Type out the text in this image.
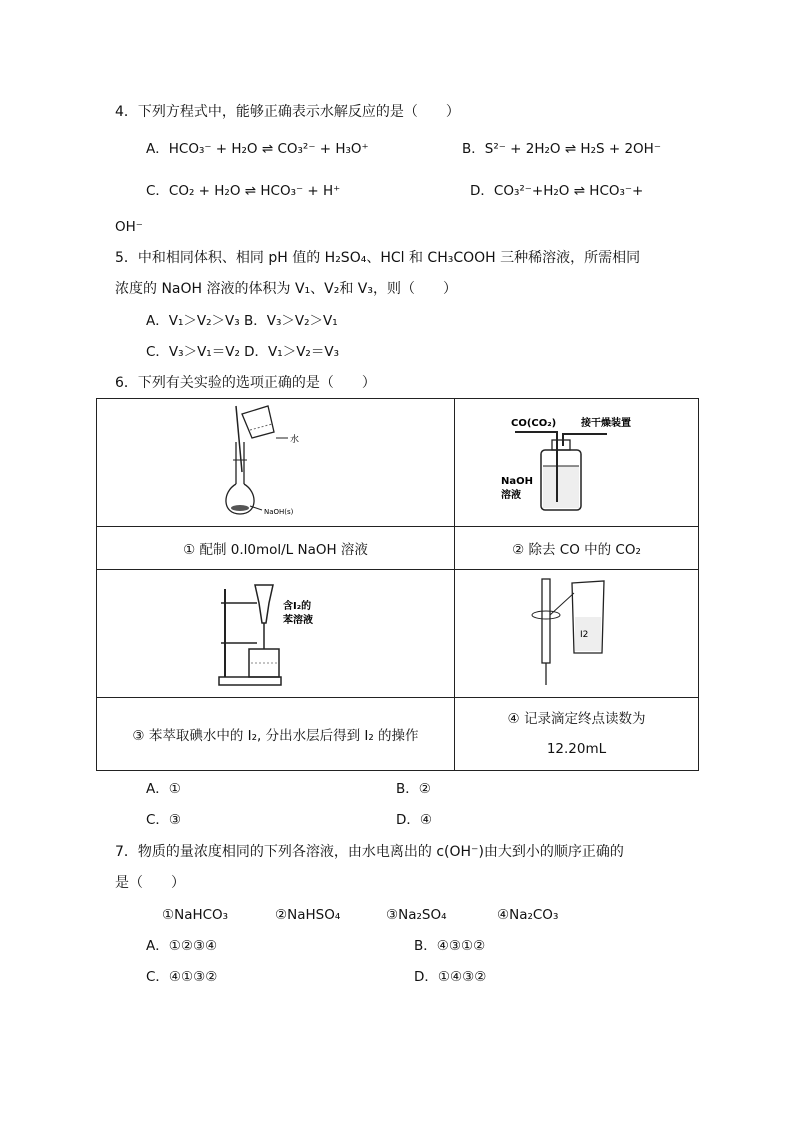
4．下列方程式中，能够正确表示水解反应的是（　　）
A．HCO₃⁻ + H₂O ⇌ CO₃²⁻ + H₃O⁺	B．S²⁻ + 2H₂O ⇌ H₂S + 2OH⁻
C．CO₂ + H₂O ⇌ HCO₃⁻ + H⁺	D．CO₃²⁻+H₂O ⇌ HCO₃⁻+
OH⁻
5．中和相同体积、相同 pH 值的 H₂SO₄、HCl 和 CH₃COOH 三种稀溶液，所需相同
浓度的 NaOH 溶液的体积为 V₁、V₂和 V₃，则（　　）
A．V₁＞V₂＞V₃ B．V₃＞V₂＞V₁
C．V₃＞V₁＝V₂ D．V₁＞V₂＝V₃
6．下列有关实验的选项正确的是（　　）
水
NaOH(s)	CO(CO₂) 接干燥装置
NaOH
溶液

① 配制 0.l0mol/L NaOH 溶液	② 除去 CO 中的 CO₂

含I₂的
苯溶液	I2

③ 苯萃取碘水中的 I₂, 分出水层后得到 I₂ 的操作	④ 记录滴定终点读数为
12.20mL
A．①	B．②
C．③	D．④
7．物质的量浓度相同的下列各溶液，由水电离出的 c(OH⁻)由大到小的顺序正确的
是（　　）
①NaHCO₃	②NaHSO₄	③Na₂SO₄	④Na₂CO₃
A．①②③④	B．④③①②
C．④①③②	D．①④③②
